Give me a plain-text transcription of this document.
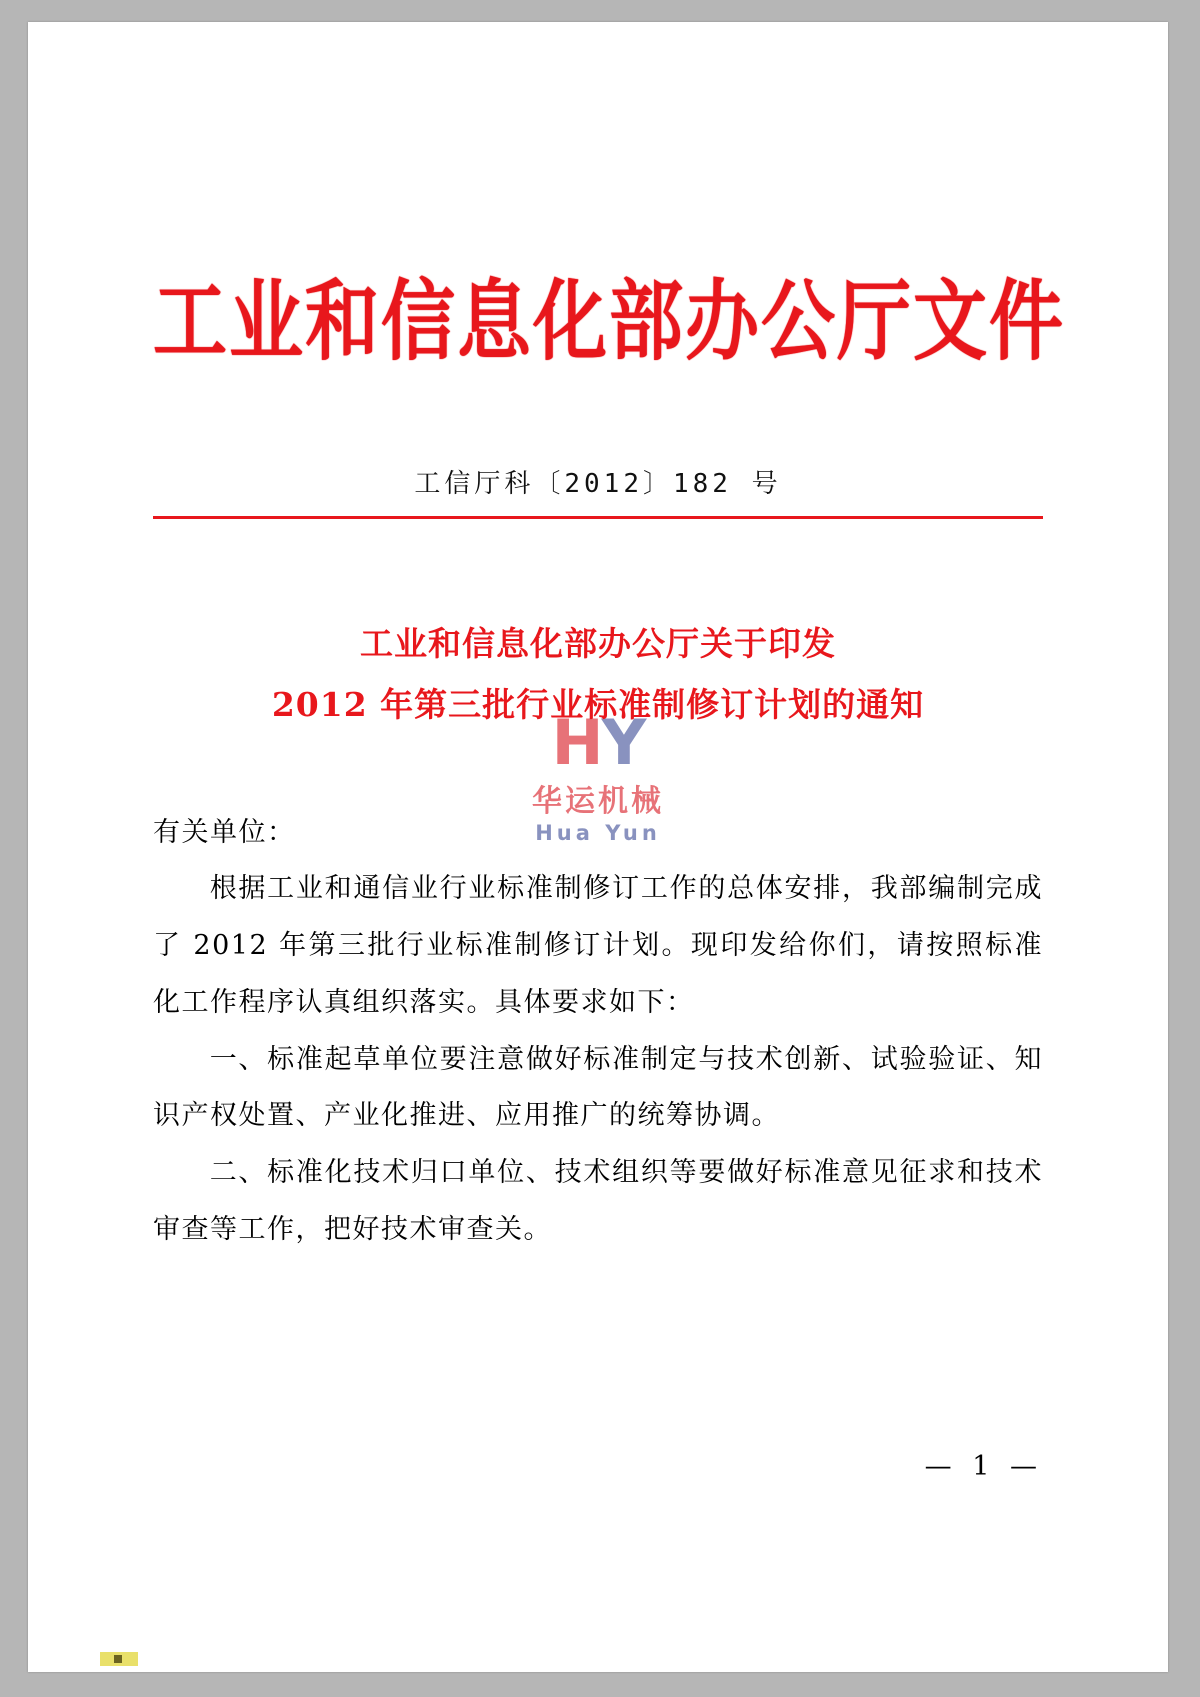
工业和信息化部办公厅文件
工信厅科〔2012〕182 号
工业和信息化部办公厅关于印发
2012 年第三批行业标准制修订计划的通知
HY
华运机械
Hua Yun
有关单位：
根据工业和通信业行业标准制修订工作的总体安排，我部编制完成了 2012 年第三批行业标准制修订计划。现印发给你们，请按照标准化工作程序认真组织落实。具体要求如下：
一、标准起草单位要注意做好标准制定与技术创新、试验验证、知识产权处置、产业化推进、应用推广的统筹协调。
二、标准化技术归口单位、技术组织等要做好标准意见征求和技术审查等工作，把好技术审查关。
— 1 —
